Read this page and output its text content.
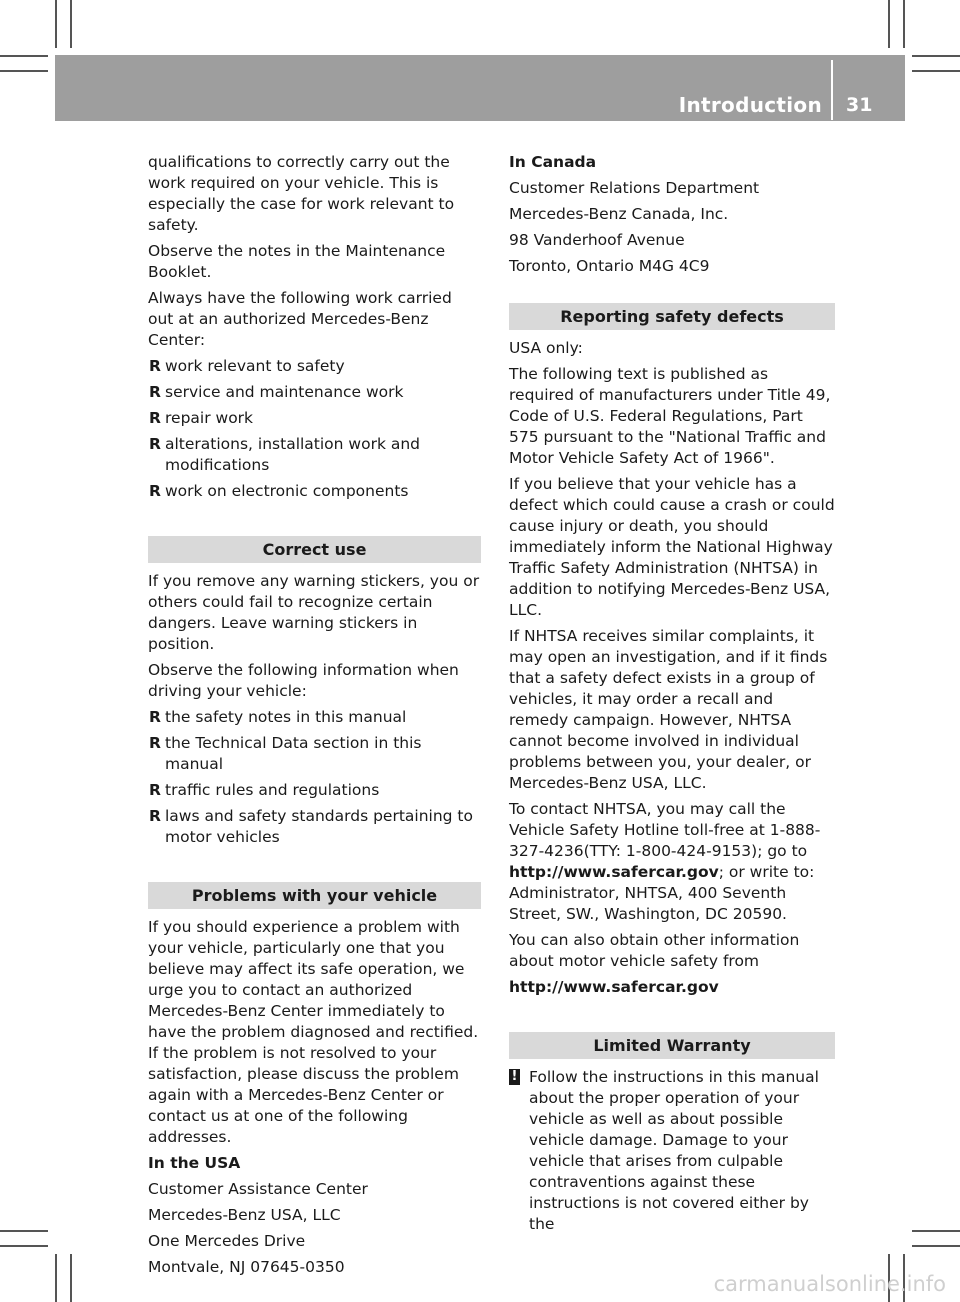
Introduction 31

qualifications to correctly carry out the work required on your vehicle. This is especially the case for work relevant to safety.

Observe the notes in the Maintenance Booklet.

Always have the following work carried out at an authorized Mercedes-Benz Center:

R work relevant to safety
R service and maintenance work
R repair work
R alterations, installation work and modifications
R work on electronic components
Correct use

If you remove any warning stickers, you or others could fail to recognize certain dangers. Leave warning stickers in position.

Observe the following information when driving your vehicle:

R the safety notes in this manual
R the Technical Data section in this manual
R traffic rules and regulations
R laws and safety standards pertaining to motor vehicles
Problems with your vehicle

If you should experience a problem with your vehicle, particularly one that you believe may affect its safe operation, we urge you to contact an authorized Mercedes-Benz Center immediately to have the problem diagnosed and rectified. If the problem is not resolved to your satisfaction, please discuss the problem again with a Mercedes-Benz Center or contact us at one of the following addresses.

In the USA

Customer Assistance Center

Mercedes-Benz USA, LLC

One Mercedes Drive

Montvale, NJ 07645-0350

In Canada

Customer Relations Department

Mercedes-Benz Canada, Inc.

98 Vanderhoof Avenue

Toronto, Ontario M4G 4C9

Reporting safety defects

USA only:

The following text is published as required of manufacturers under Title 49, Code of U.S. Federal Regulations, Part 575 pursuant to the "National Traffic and Motor Vehicle Safety Act of 1966".

If you believe that your vehicle has a defect which could cause a crash or could cause injury or death, you should immediately inform the National Highway Traffic Safety Administration (NHTSA) in addition to notifying Mercedes-Benz USA, LLC.

If NHTSA receives similar complaints, it may open an investigation, and if it finds that a safety defect exists in a group of vehicles, it may order a recall and remedy campaign. However, NHTSA cannot become involved in individual problems between you, your dealer, or Mercedes-Benz USA, LLC.

To contact NHTSA, you may call the Vehicle Safety Hotline toll-free at 1-888-327-4236(TTY: 1-800-424-9153); go to http://www.safercar.gov; or write to: Administrator, NHTSA, 400 Seventh Street, SW., Washington, DC 20590.

You can also obtain other information about motor vehicle safety from

http://www.safercar.gov

Limited Warranty
! Follow the instructions in this manual about the proper operation of your vehicle as well as about possible vehicle damage. Damage to your vehicle that arises from culpable contraventions against these instructions is not covered either by the
carmanualsonline.info
